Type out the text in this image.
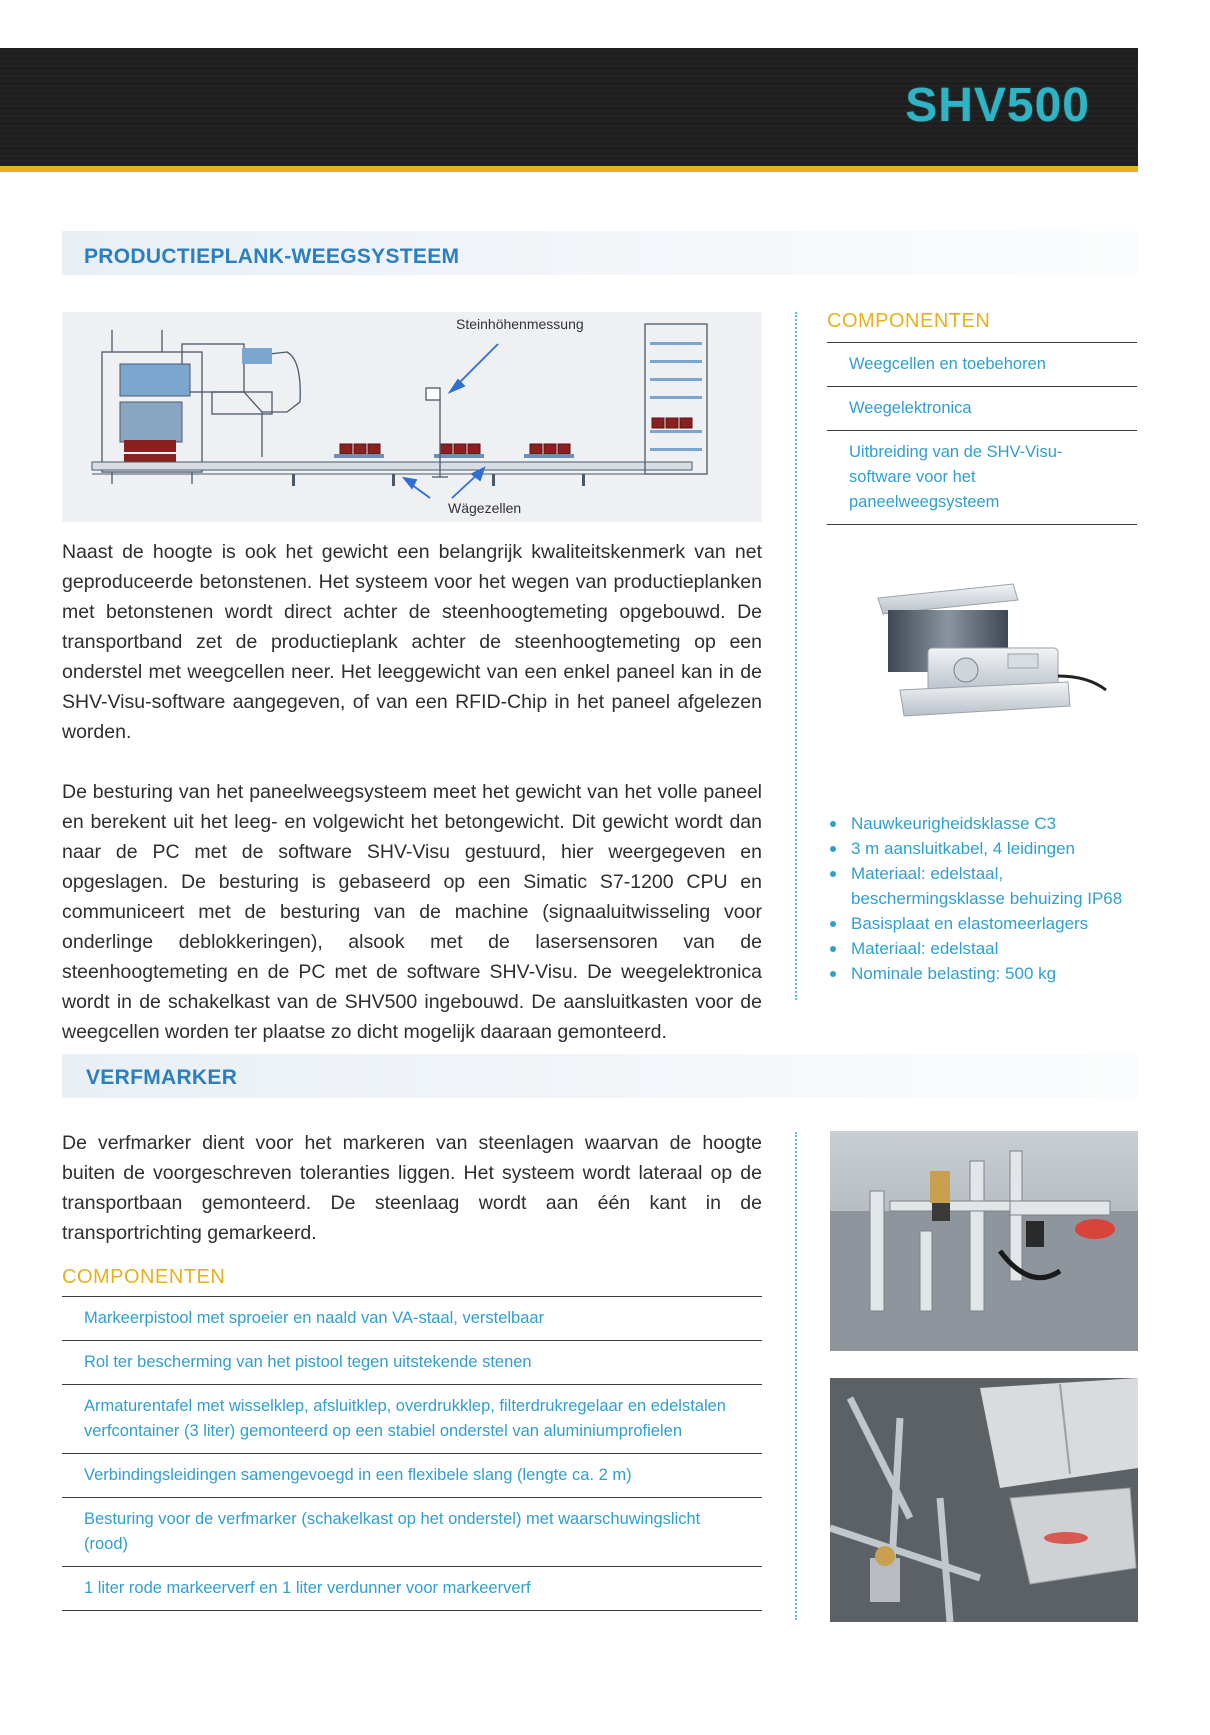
SHV500
PRODUCTIEPLANK-WEEGSYSTEEM
Steinhöhenmessung
Wägezellen

Naast de hoogte is ook het gewicht een belangrijk kwaliteitskenmerk van net geproduceerde betonstenen. Het systeem voor het wegen van productieplanken met betonstenen wordt direct achter de steenhoogtemeting opgebouwd. De transportband zet de productieplank achter de steenhoogtemeting op een onderstel met weegcellen neer. Het leeggewicht van een enkel paneel kan in de SHV-Visu-software aangegeven, of van een RFID-Chip in het paneel afgelezen worden.

De besturing van het paneelweegsysteem meet het gewicht van het volle paneel en berekent uit het leeg- en volgewicht het betongewicht. Dit gewicht wordt dan naar de PC met de software SHV-Visu gestuurd, hier weergegeven en opgeslagen. De besturing is gebaseerd op een Simatic S7-1200 CPU en communiceert met de besturing van de machine (signaaluitwisseling voor onderlinge deblokkeringen), alsook met de lasersensoren van de steenhoogtemeting en de PC met de software SHV-Visu. De weegelektronica wordt in de schakelkast van de SHV500 ingebouwd. De aansluitkasten voor de weegcellen worden ter plaatse zo dicht mogelijk daaraan gemonteerd.

COMPONENTEN
Weegcellen en toebehoren
Weegelektronica
Uitbreiding van de SHV-Visu-software voor het paneelweegsysteem
Nauwkeurigheidsklasse C3
3 m aansluitkabel, 4 leidingen
Materiaal: edelstaal, beschermingsklasse behuizing IP68
Basisplaat en elastomeerlagers
Materiaal: edelstaal
Nominale belasting: 500 kg
VERFMARKER

De verfmarker dient voor het markeren van steenlagen waarvan de hoogte buiten de voorgeschreven toleranties liggen. Het systeem wordt lateraal op de transportbaan gemonteerd. De steenlaag wordt aan één kant in de transportrichting gemarkeerd.

COMPONENTEN
Markeerpistool met sproeier en naald van VA-staal, verstelbaar
Rol ter bescherming van het pistool tegen uitstekende stenen
Armaturentafel met wisselklep, afsluitklep, overdrukklep, filterdrukregelaar en edelstalen verfcontainer (3 liter) gemonteerd op een stabiel onderstel van aluminiumprofielen
Verbindingsleidingen samengevoegd in een flexibele slang (lengte ca. 2 m)
Besturing voor de verfmarker (schakelkast op het onderstel) met waarschuwingslicht (rood)
1 liter rode markeerverf en 1 liter verdunner voor markeerverf
